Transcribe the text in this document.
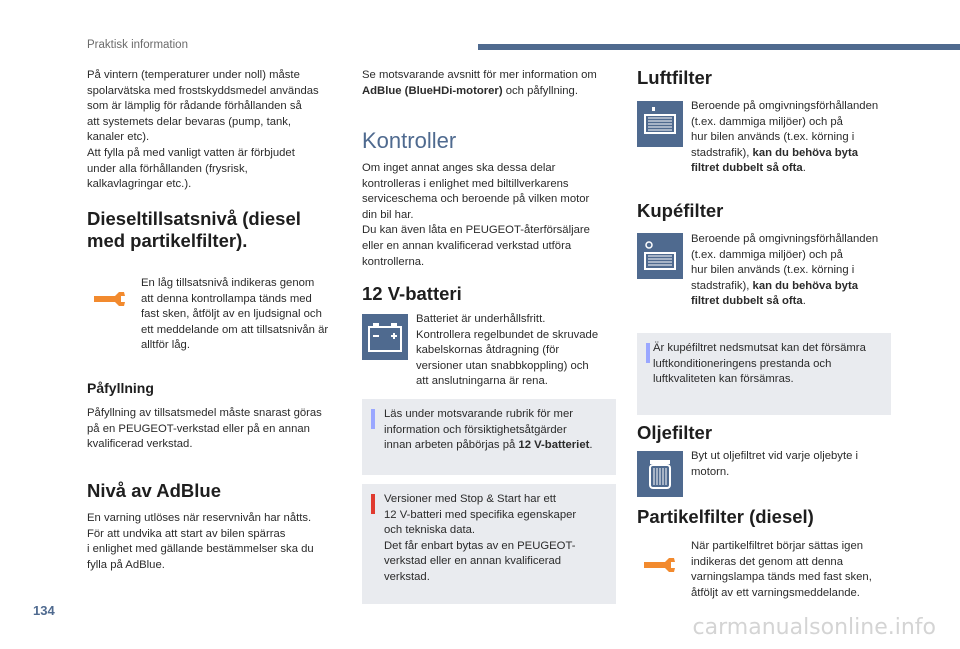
Praktisk information
På vintern (temperaturer under noll) måste
spolarvätska med frostskyddsmedel användas
som är lämplig för rådande förhållanden så
att systemets delar bevaras (pump, tank,
kanaler etc).
Att fylla på med vanligt vatten är förbjudet
under alla förhållanden (frysrisk,
kalkavlagringar etc.).
Dieseltillsatsnivå (diesel
med partikelfilter).
En låg tillsatsnivå indikeras genom
att denna kontrollampa tänds med
fast sken, åtföljt av en ljudsignal och
ett meddelande om att tillsatsnivån är
alltför låg.
Påfyllning
Påfyllning av tillsatsmedel måste snarast göras
på en PEUGEOT-verkstad eller på en annan
kvalificerad verkstad.
Nivå av AdBlue
En varning utlöses när reservnivån har nåtts.
För att undvika att start av bilen spärras
i enlighet med gällande bestämmelser ska du
fylla på AdBlue.
Se motsvarande avsnitt för mer information om
AdBlue (BlueHDi-motorer) och påfyllning.
Kontroller
Om inget annat anges ska dessa delar
kontrolleras i enlighet med biltillverkarens
serviceschema och beroende på vilken motor
din bil har.
Du kan även låta en PEUGEOT-återförsäljare
eller en annan kvalificerad verkstad utföra
kontrollerna.
12 V-batteri
Batteriet är underhållsfritt.
Kontrollera regelbundet de skruvade
kabelskornas åtdragning (för
versioner utan snabbkoppling) och
att anslutningarna är rena.
Läs under motsvarande rubrik för mer
information och försiktighetsåtgärder
innan arbeten påbörjas på 12 V-batteriet.
Versioner med Stop & Start har ett
12 V-batteri med specifika egenskaper
och tekniska data.
Det får enbart bytas av en PEUGEOT-
verkstad eller en annan kvalificerad
verkstad.
Luftfilter
Beroende på omgivningsförhållanden
(t.ex. dammiga miljöer) och på
hur bilen används (t.ex. körning i
stadstrafik), kan du behöva byta
filtret dubbelt så ofta.
Kupéfilter
Beroende på omgivningsförhållanden
(t.ex. dammiga miljöer) och på
hur bilen används (t.ex. körning i
stadstrafik), kan du behöva byta
filtret dubbelt så ofta.
Är kupéfiltret nedsmutsat kan det försämra
luftkonditioneringens prestanda och
luftkvaliteten kan försämras.
Oljefilter
Byt ut oljefiltret vid varje oljebyte i
motorn.
Partikelfilter (diesel)
När partikelfiltret börjar sättas igen
indikeras det genom att denna
varningslampa tänds med fast sken,
åtföljt av ett varningsmeddelande.
134
carmanualsonline.info
